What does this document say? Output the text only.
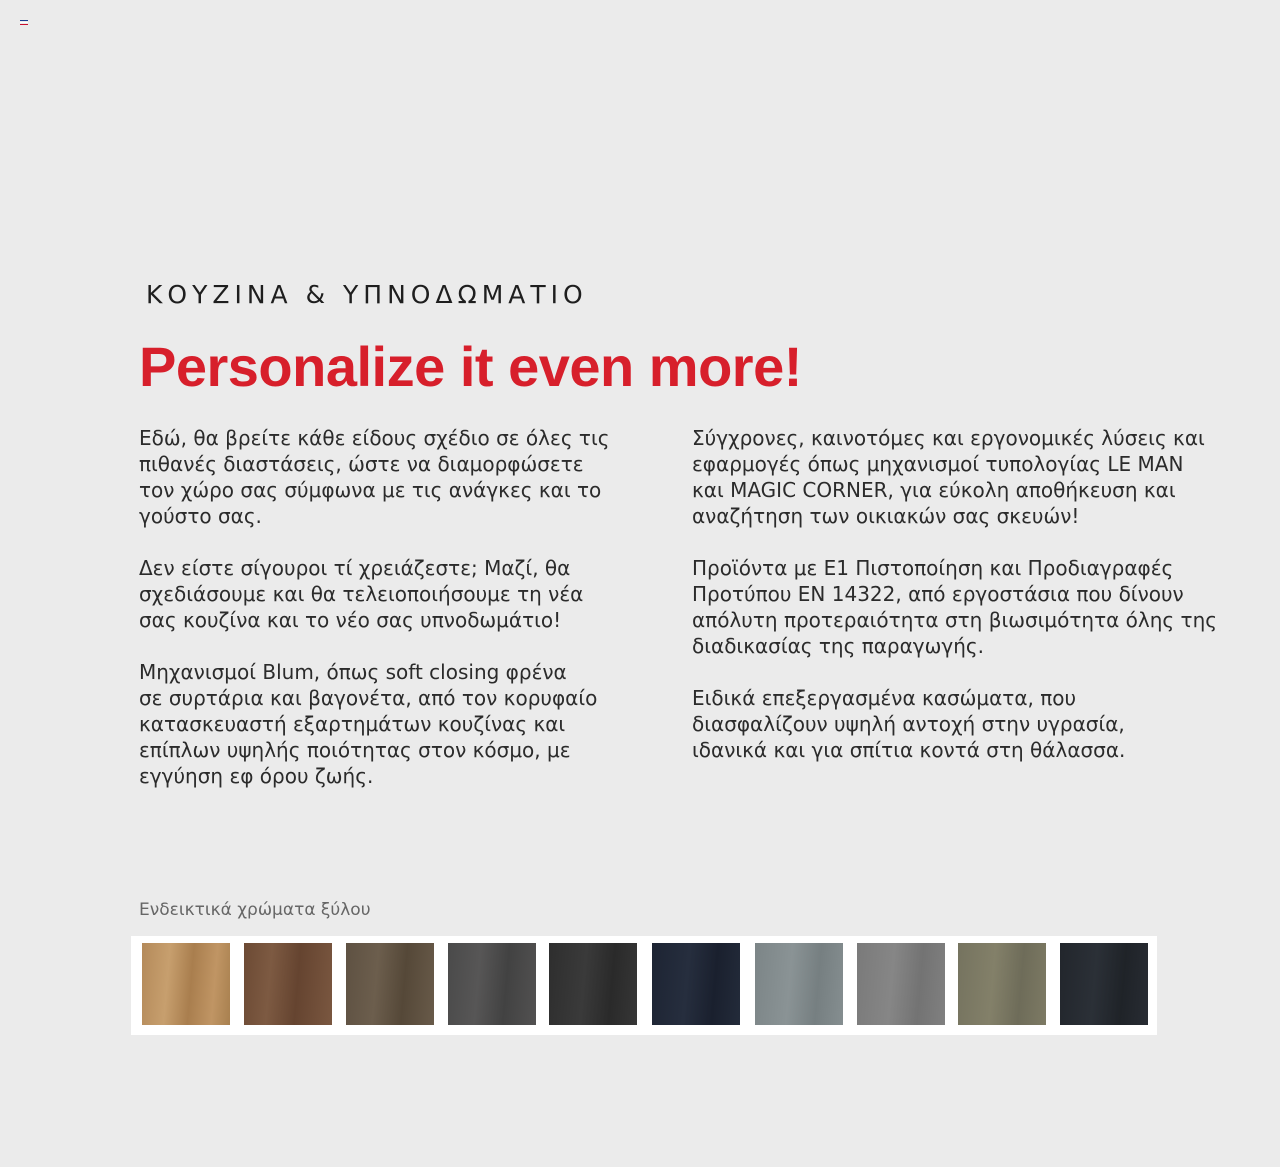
ΚΟΥΖΙΝΑ & ΥΠΝΟΔΩΜΑΤΙΟ
Personalize it even more!

Εδώ, θα βρείτε κάθε είδους σχέδιο σε όλες τις
πιθανές διαστάσεις, ώστε να διαμορφώσετε
τον χώρο σας σύμφωνα με τις ανάγκες και το
γούστο σας.

Δεν είστε σίγουροι τί χρειάζεστε; Μαζί, θα
σχεδιάσουμε και θα τελειοποιήσουμε τη νέα
σας κουζίνα και το νέο σας υπνοδωμάτιο!

Μηχανισμοί Blum, όπως soft closing φρένα
σε συρτάρια και βαγονέτα, από τον κορυφαίο
κατασκευαστή εξαρτημάτων κουζίνας και
επίπλων υψηλής ποιότητας στον κόσμο, με
εγγύηση εφ όρου ζωής.

Σύγχρονες, καινοτόμες και εργονομικές λύσεις και
εφαρμογές όπως μηχανισμοί τυπολογίας LE MAN
και MAGIC CORNER, για εύκολη αποθήκευση και
αναζήτηση των οικιακών σας σκευών!

Προϊόντα με Ε1 Πιστοποίηση και Προδιαγραφές
Προτύπου EN 14322, από εργοστάσια που δίνουν
απόλυτη προτεραιότητα στη βιωσιμότητα όλης της
διαδικασίας της παραγωγής.

Ειδικά επεξεργασμένα κασώματα, που
διασφαλίζουν υψηλή αντοχή στην υγρασία,
ιδανικά και για σπίτια κοντά στη θάλασσα.

Ενδεικτικά χρώματα ξύλου
